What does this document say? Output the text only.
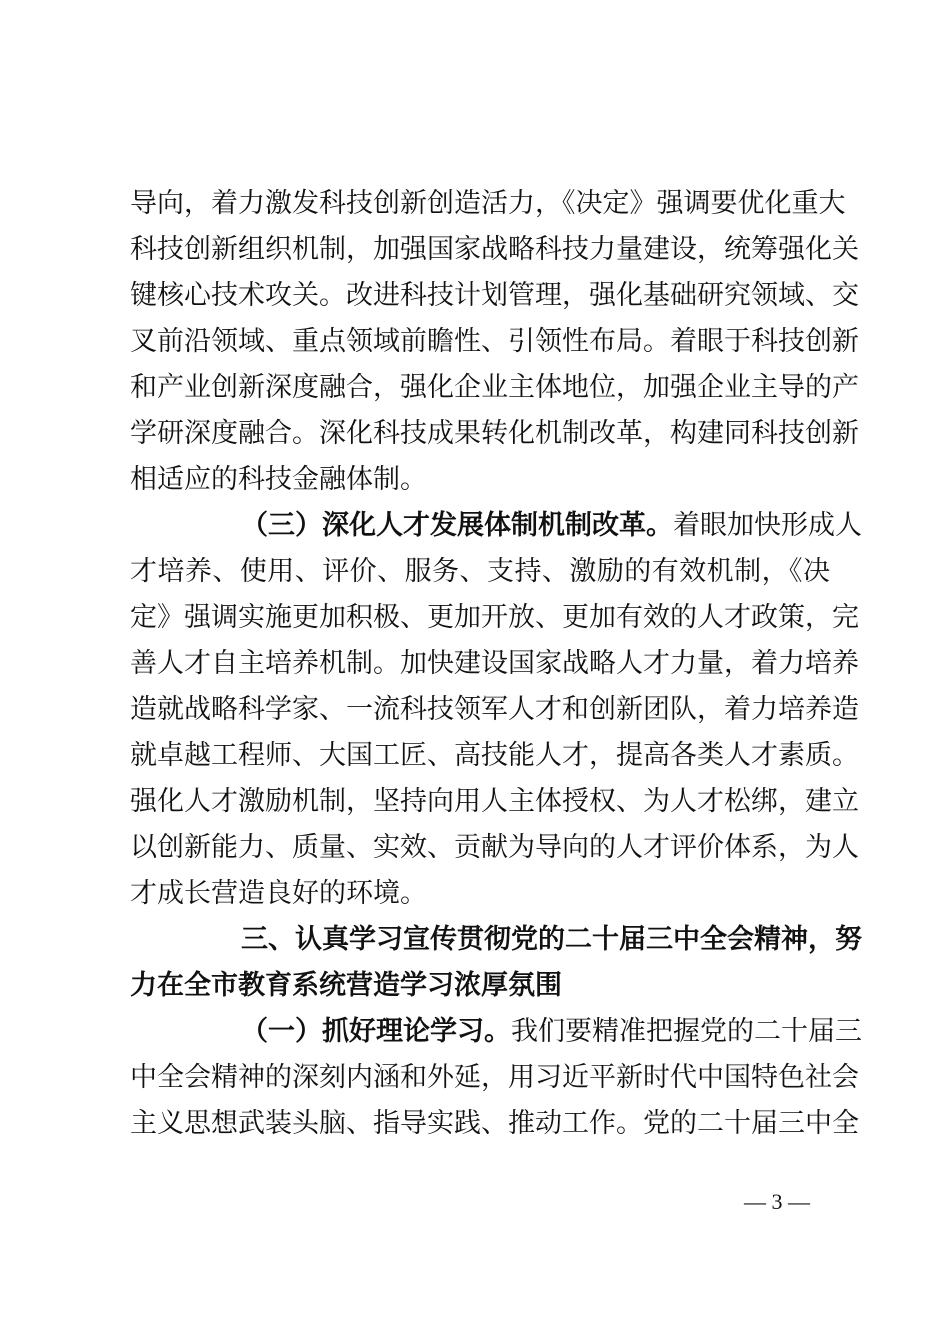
导向，着力激发科技创新创造活力，《决定》强调要优化重大
科技创新组织机制，加强国家战略科技力量建设，统筹强化关
键核心技术攻关。改进科技计划管理，强化基础研究领域、交
叉前沿领域、重点领域前瞻性、引领性布局。着眼于科技创新
和产业创新深度融合，强化企业主体地位，加强企业主导的产
学研深度融合。深化科技成果转化机制改革，构建同科技创新
相适应的科技金融体制。
（三）深化人才发展体制机制改革。着眼加快形成人
才培养、使用、评价、服务、支持、激励的有效机制，《决
定》强调实施更加积极、更加开放、更加有效的人才政策，完
善人才自主培养机制。加快建设国家战略人才力量，着力培养
造就战略科学家、一流科技领军人才和创新团队，着力培养造
就卓越工程师、大国工匠、高技能人才，提高各类人才素质。
强化人才激励机制，坚持向用人主体授权、为人才松绑，建立
以创新能力、质量、实效、贡献为导向的人才评价体系，为人
才成长营造良好的环境。
三、认真学习宣传贯彻党的二十届三中全会精神，努
力在全市教育系统营造学习浓厚氛围
（一）抓好理论学习。我们要精准把握党的二十届三
中全会精神的深刻内涵和外延，用习近平新时代中国特色社会
主义思想武装头脑、指导实践、推动工作。党的二十届三中全
— 3 —
